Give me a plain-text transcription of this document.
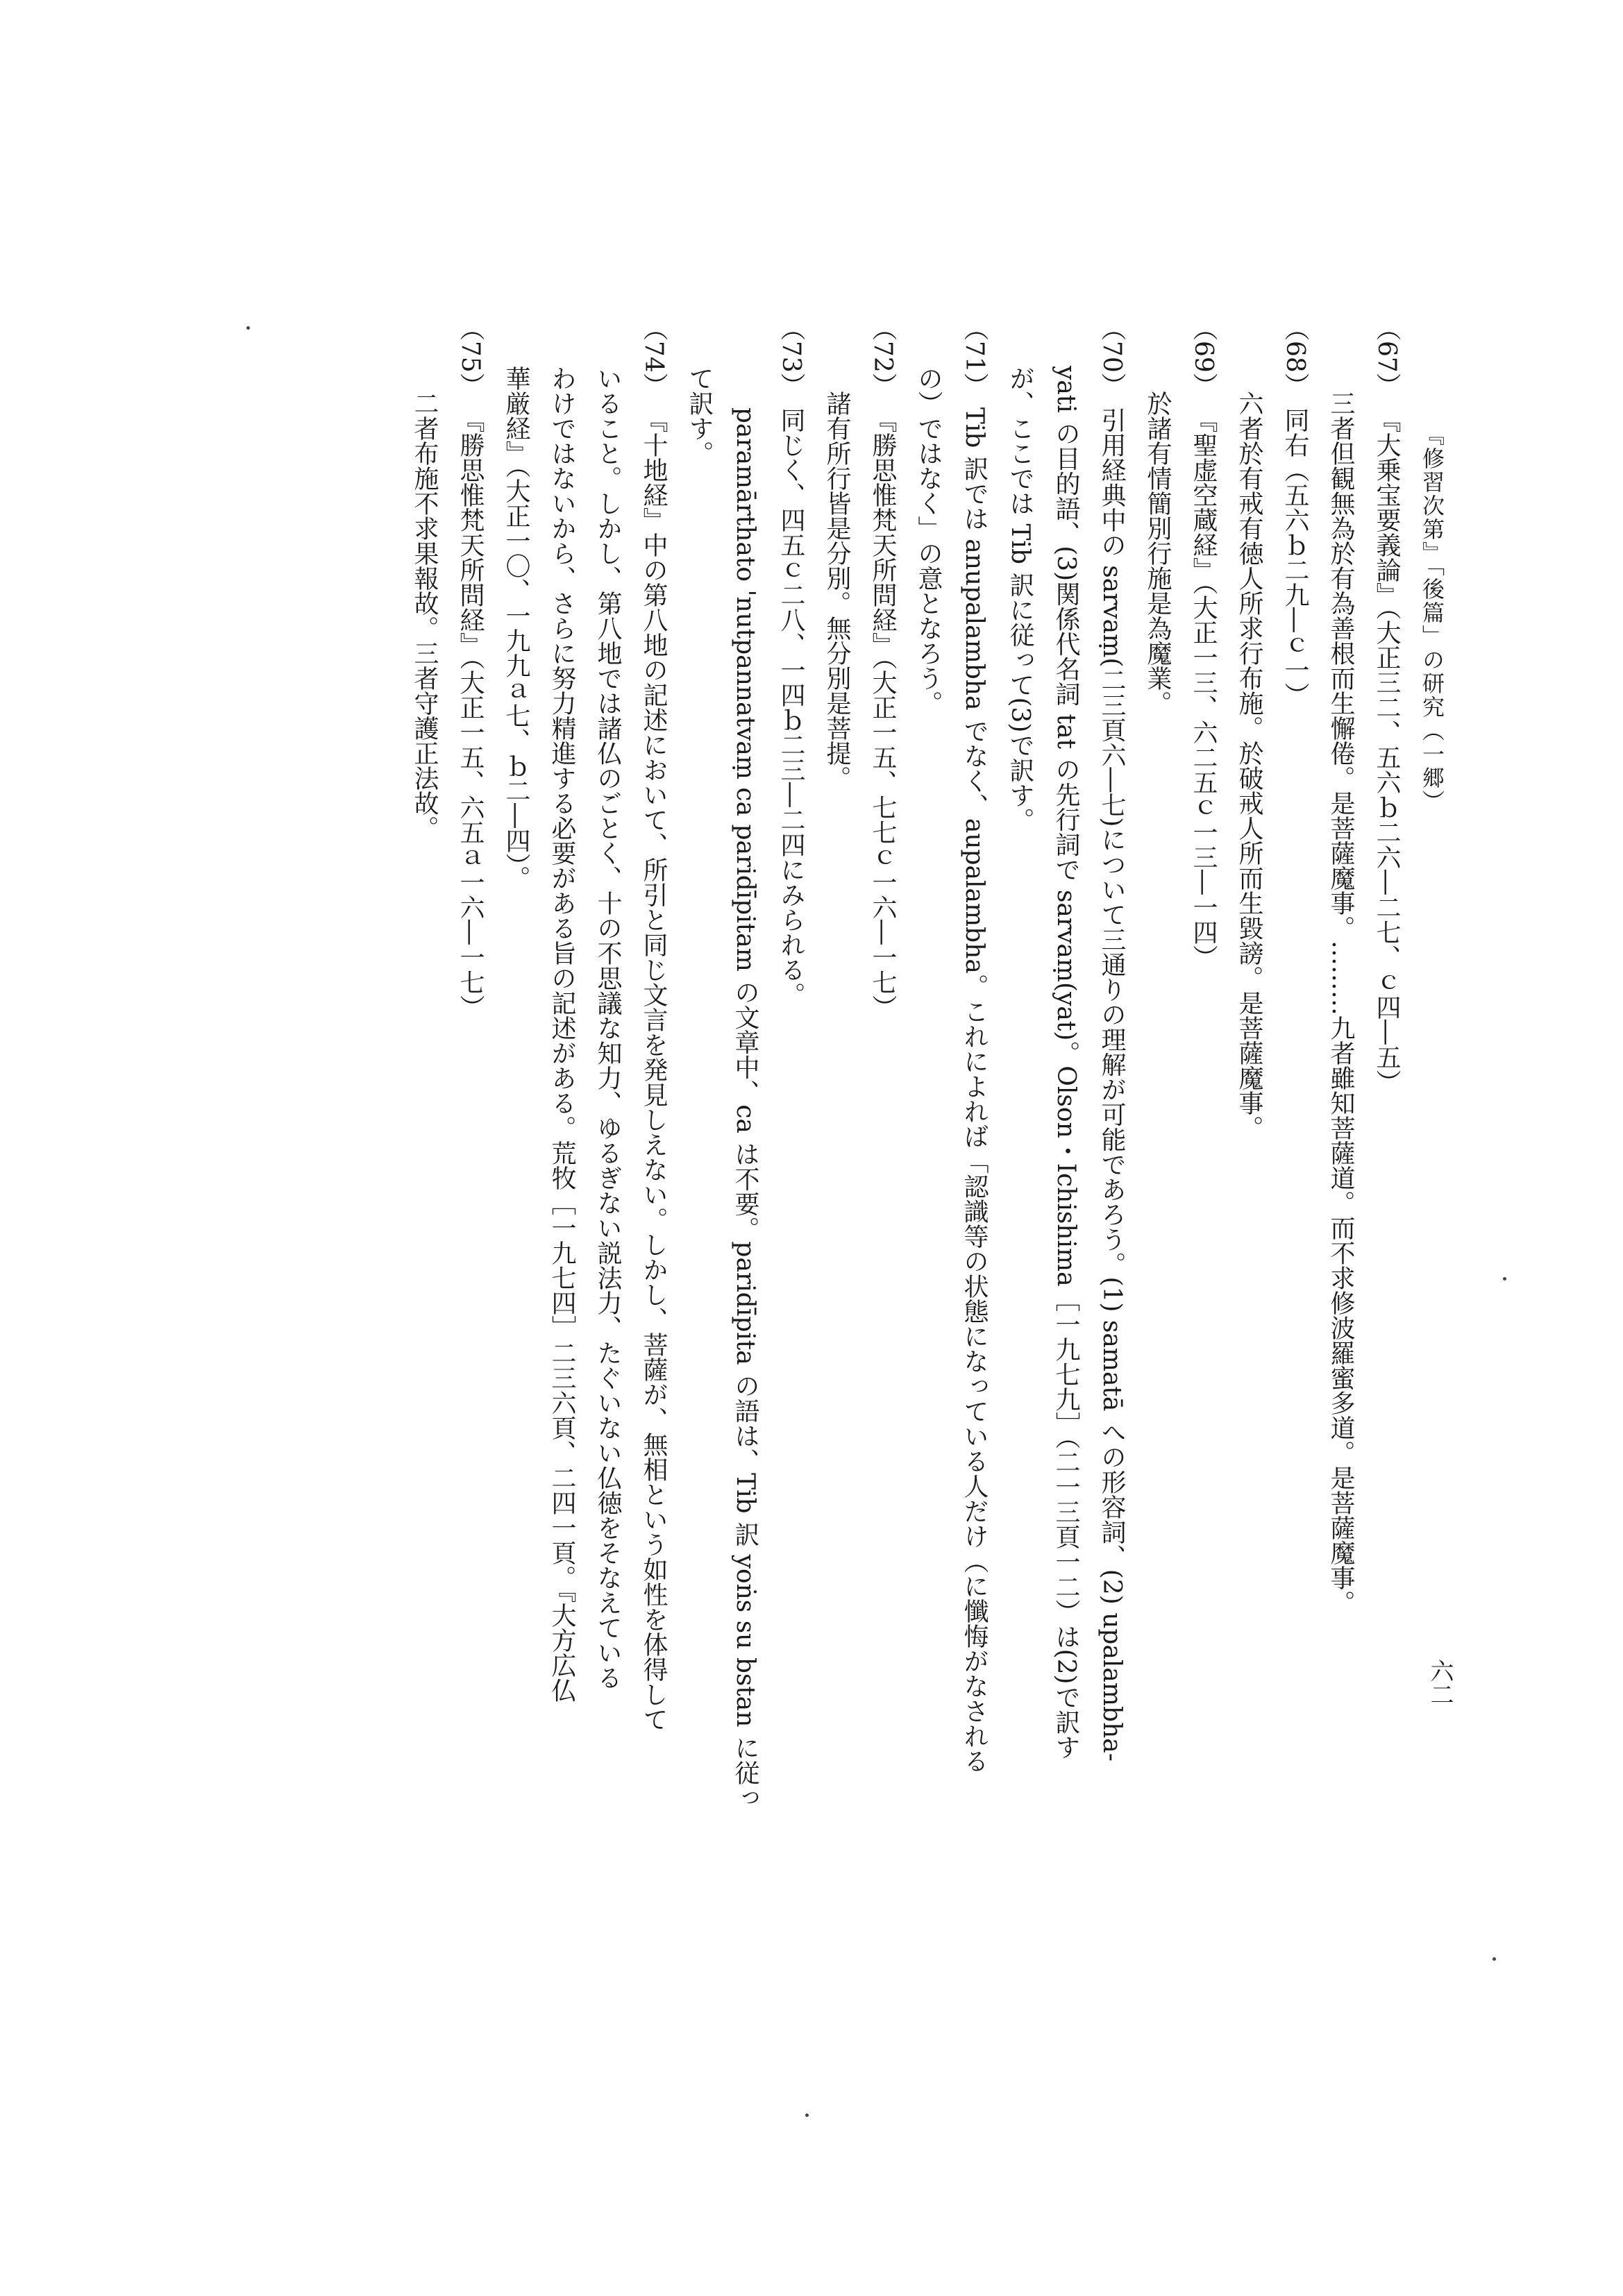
『修習次第』「後篇」の研究（一郷）
六二
（67）『大乗宝要義論』（大正三二、五六ｂ二六―二七、ｃ四―五）
三者但観無為於有為善根而生懈倦。是菩薩魔事。………九者雖知菩薩道。而不求修波羅蜜多道。是菩薩魔事。
（68）同右（五六ｂ二九―ｃ一）
六者於有戒有徳人所求行布施。於破戒人所而生毀謗。是菩薩魔事。
（69）『聖虚空蔵経』（大正一三、六二五ｃ一三―一四）
於諸有情簡別行施是為魔業。
（70）引用経典中の sarvaṃ(二三頁六―七)について三通りの理解が可能であろう。(1) samatā への形容詞、(2) upalambha-
yati の目的語、(3)関係代名詞 tat の先行詞で sarvaṃ(yat)。Olson・Ichishima［一九七九］（二一三頁一二）は(2)で訳す
が、ここでは Tib 訳に従って(3)で訳す。
（71）Tib 訳では anupalambha でなく、aupalambha。これによれば「認識等の状態になっている人だけ（に懺悔がなされる
の）ではなく」の意となろう。
（72）『勝思惟梵天所問経』（大正一五、七七ｃ一六―一七）
諸有所行皆是分別。無分別是菩提。
（73）同じく、四五ｃ二八、一四ｂ二三―二四にみられる。
paramārthato 'nutpannatvaṃ ca paridīpitam の文章中、ca は不要。paridīpita の語は、Tib 訳 yoṅs su bstan に従っ
て訳す。
（74）『十地経』中の第八地の記述において、所引と同じ文言を発見しえない。しかし、菩薩が、無相という如性を体得して
いること。しかし、第八地では諸仏のごとく、十の不思議な知力、ゆるぎない説法力、たぐいない仏徳をそなえている
わけではないから、さらに努力精進する必要がある旨の記述がある。荒牧［一九七四］二三六頁、二四一頁。『大方広仏
華厳経』（大正一〇、一九九ａ七、ｂ二―四）。
（75）『勝思惟梵天所問経』（大正一五、六五ａ一六―一七）
二者布施不求果報故。三者守護正法故。
